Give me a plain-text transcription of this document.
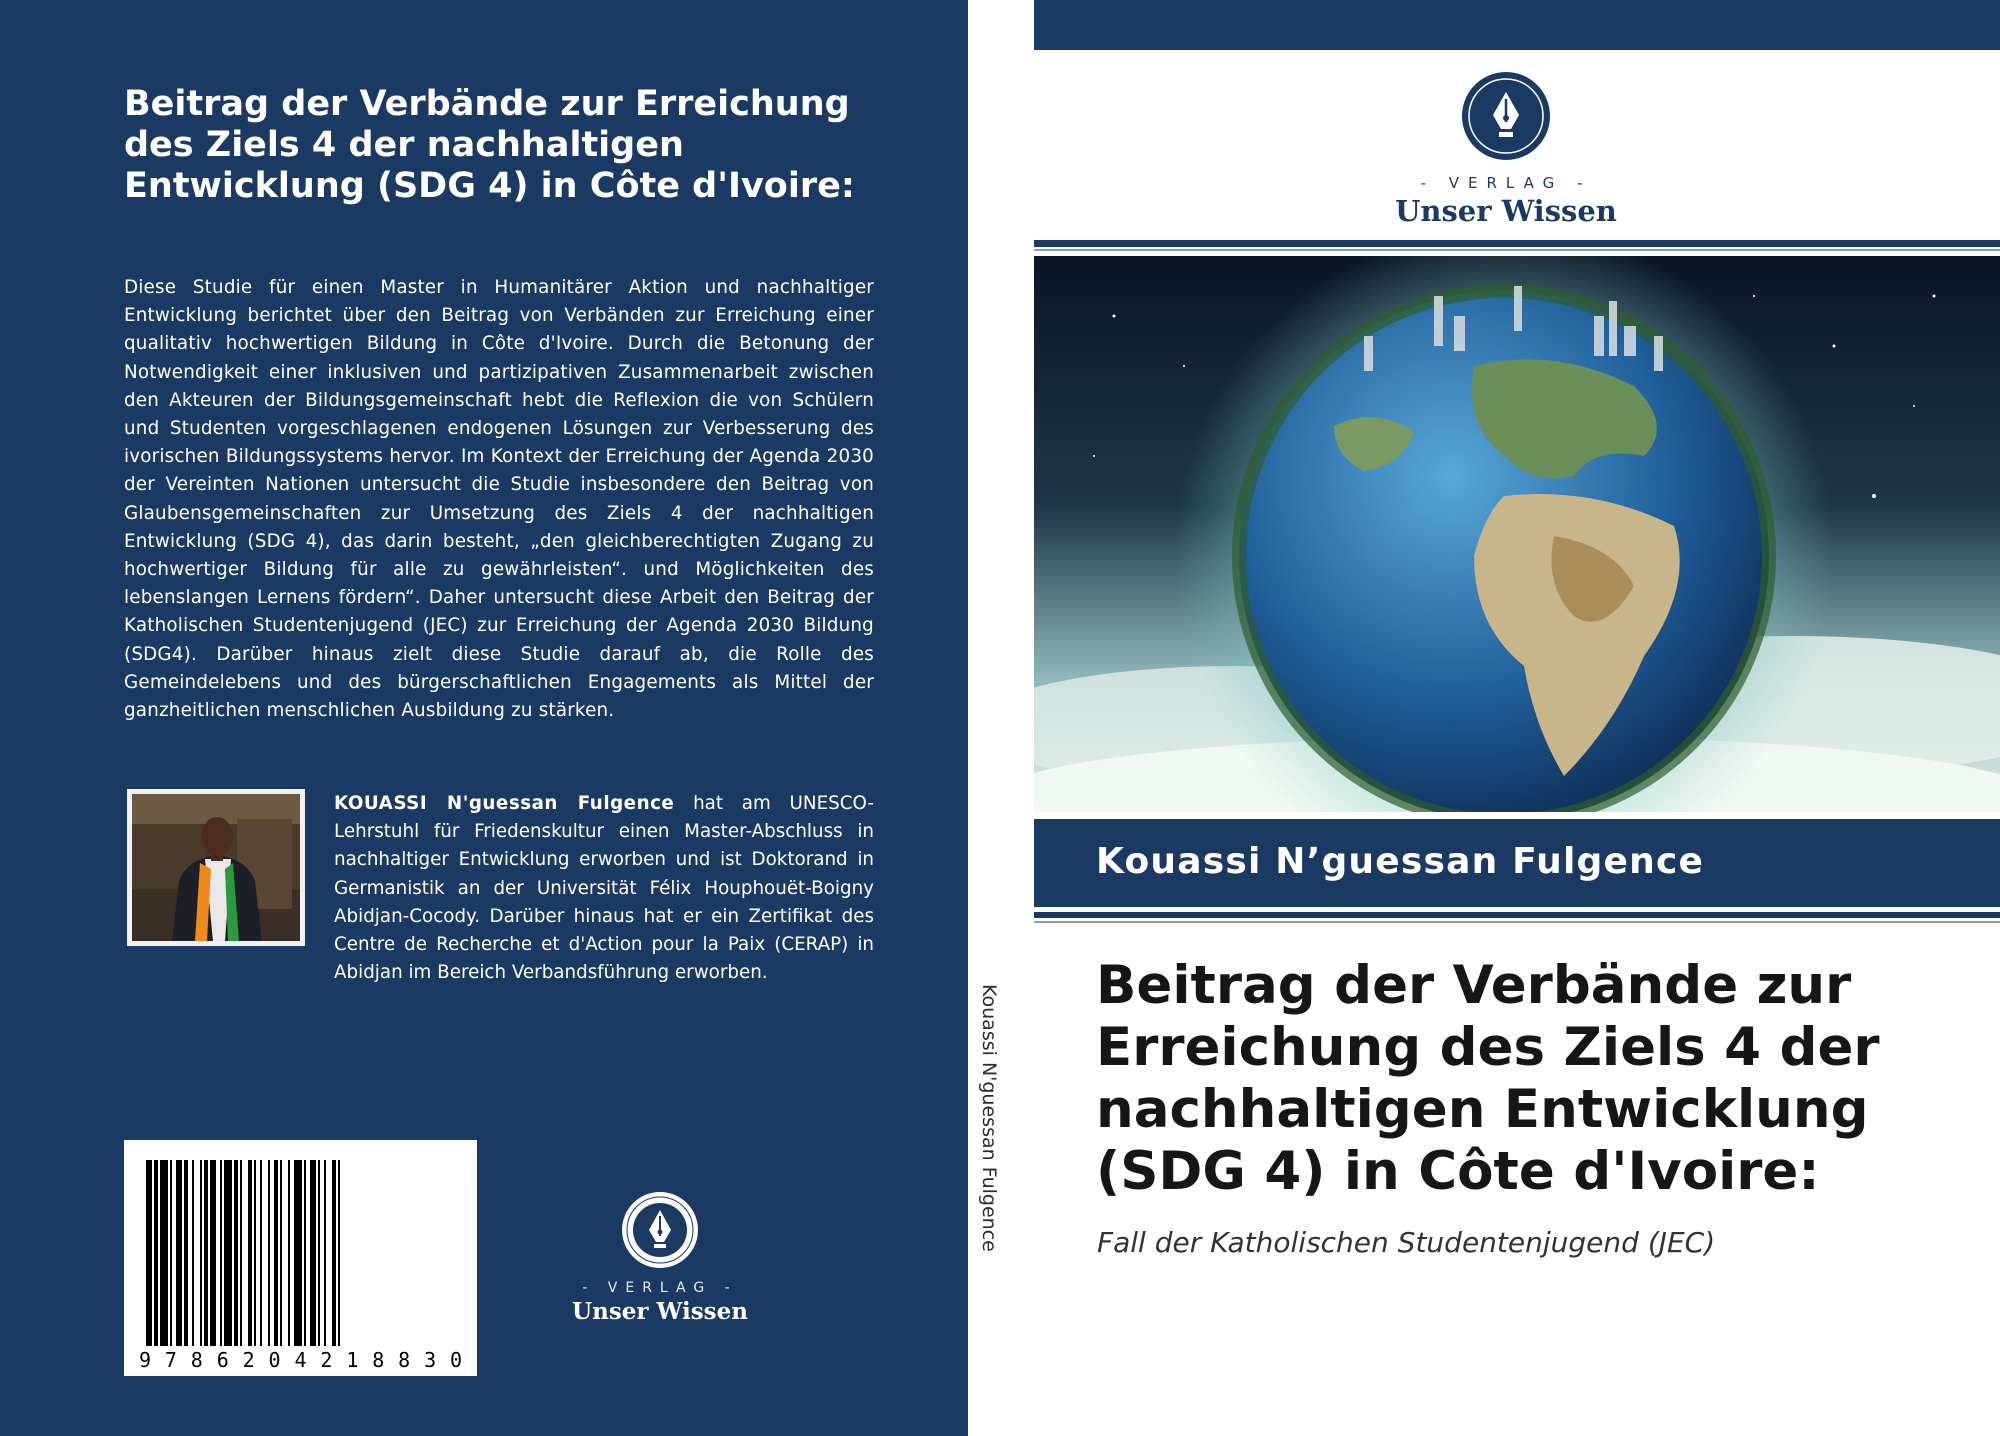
Beitrag der Verbände zur Erreichung des Ziels 4 der nachhaltigen Entwicklung (SDG 4) in Côte d'Ivoire:

Diese Studie für einen Master in Humanitärer Aktion und nachhaltiger Entwicklung berichtet über den Beitrag von Verbänden zur Erreichung einer qualitativ hochwertigen Bildung in Côte d'Ivoire. Durch die Betonung der Notwendigkeit einer inklusiven und partizipativen Zusammenarbeit zwischen den Akteuren der Bildungsgemeinschaft hebt die Reflexion die von Schülern und Studenten vorgeschlagenen endogenen Lösungen zur Verbesserung des ivorischen Bildungssystems hervor. Im Kontext der Erreichung der Agenda 2030 der Vereinten Nationen untersucht die Studie insbesondere den Beitrag von Glaubensgemeinschaften zur Umsetzung des Ziels 4 der nachhaltigen Entwicklung (SDG 4), das darin besteht, „den gleichberechtigten Zugang zu hochwertiger Bildung für alle zu gewährleisten“. und Möglichkeiten des lebenslangen Lernens fördern“. Daher untersucht diese Arbeit den Beitrag der Katholischen Studentenjugend (JEC) zur Erreichung der Agenda 2030 Bildung (SDG4). Darüber hinaus zielt diese Studie darauf ab, die Rolle des Gemeindelebens und des bürgerschaftlichen Engagements als Mittel der ganzheitlichen menschlichen Ausbildung zu stärken.

KOUASSI N'guessan Fulgence hat am UNESCO-Lehrstuhl für Friedenskultur einen Master-Abschluss in nachhaltiger Entwicklung erworben und ist Doktorand in Germanistik an der Universität Félix Houphouët-Boigny Abidjan-Cocody. Darüber hinaus hat er ein Zertifikat des Centre de Recherche et d'Action pour la Paix (CERAP) in Abidjan im Bereich Verbandsführung erworben.

9 7 8 6 2 0 4 2 1 8 8 3 0
- VERLAG -
Unser Wissen
Kouassi N'guessan Fulgence
- VERLAG -
Unser Wissen

Kouassi N’guessan Fulgence

Beitrag der Verbände zur Erreichung des Ziels 4 der nachhaltigen Entwicklung (SDG 4) in Côte d'Ivoire:

Fall der Katholischen Studentenjugend (JEC)
